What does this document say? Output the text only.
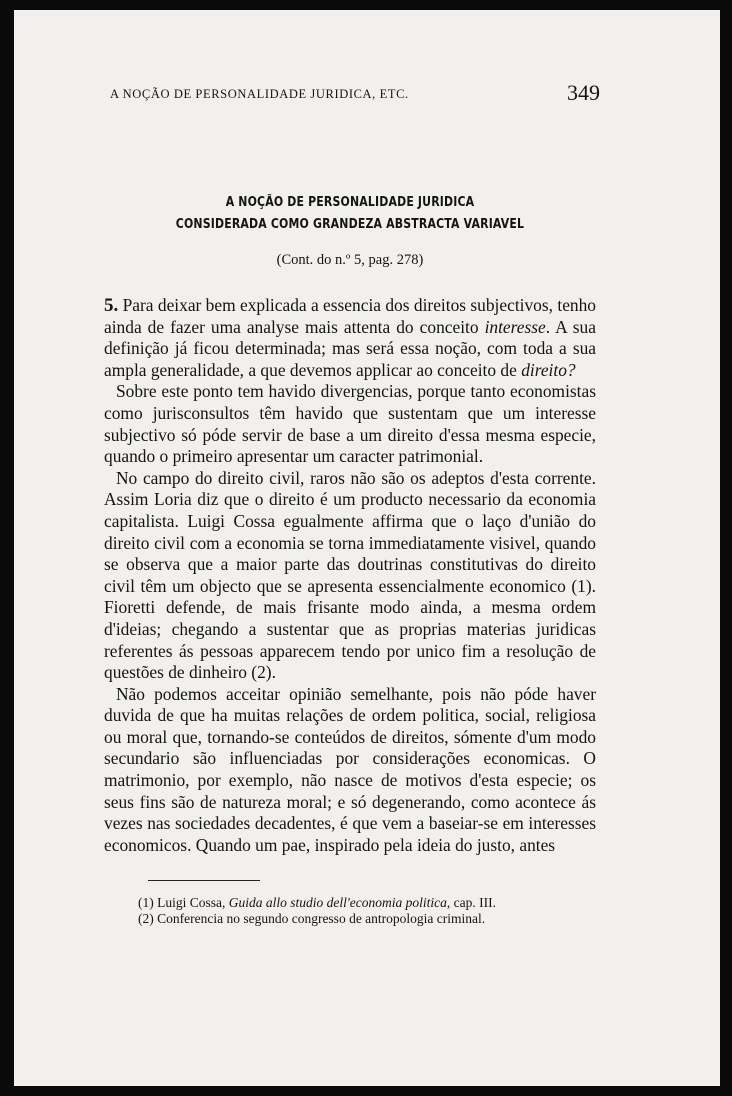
A NOÇÃO DE PERSONALIDADE JURIDICA, ETC.	349
A NOÇÃO DE PERSONALIDADE JURIDICA
CONSIDERADA COMO GRANDEZA ABSTRACTA VARIAVEL
(Cont. do n.º 5, pag. 278)

5. Para deixar bem explicada a essencia dos direitos subjectivos, tenho ainda de fazer uma analyse mais attenta do conceito interesse. A sua definição já ficou determinada; mas será essa noção, com toda a sua ampla generalidade, a que devemos applicar ao conceito de direito?

Sobre este ponto tem havido divergencias, porque tanto economistas como jurisconsultos têm havido que sustentam que um interesse subjectivo só póde servir de base a um direito d'essa mesma especie, quando o primeiro apresentar um caracter patrimonial.

No campo do direito civil, raros não são os adeptos d'esta corrente. Assim Loria diz que o direito é um producto necessario da economia capitalista. Luigi Cossa egualmente affirma que o laço d'união do direito civil com a economia se torna immediatamente visivel, quando se observa que a maior parte das doutrinas constitutivas do direito civil têm um objecto que se apresenta essencialmente economico (1). Fioretti defende, de mais frisante modo ainda, a mesma ordem d'ideias; chegando a sustentar que as proprias materias juridicas referentes ás pessoas apparecem tendo por unico fim a resolução de questões de dinheiro (2).

Não podemos acceitar opinião semelhante, pois não póde haver duvida de que ha muitas relações de ordem politica, social, religiosa ou moral que, tornando-se conteúdos de direitos, sómente d'um modo secundario são influenciadas por considerações economicas. O matrimonio, por exemplo, não nasce de motivos d'esta especie; os seus fins são de natureza moral; e só degenerando, como acontece ás vezes nas sociedades decadentes, é que vem a baseiar-se em interesses economicos. Quando um pae, inspirado pela ideia do justo, antes

(1) Luigi Cossa, Guida allo studio dell'economia politica, cap. III.
(2) Conferencia no segundo congresso de antropologia criminal.
